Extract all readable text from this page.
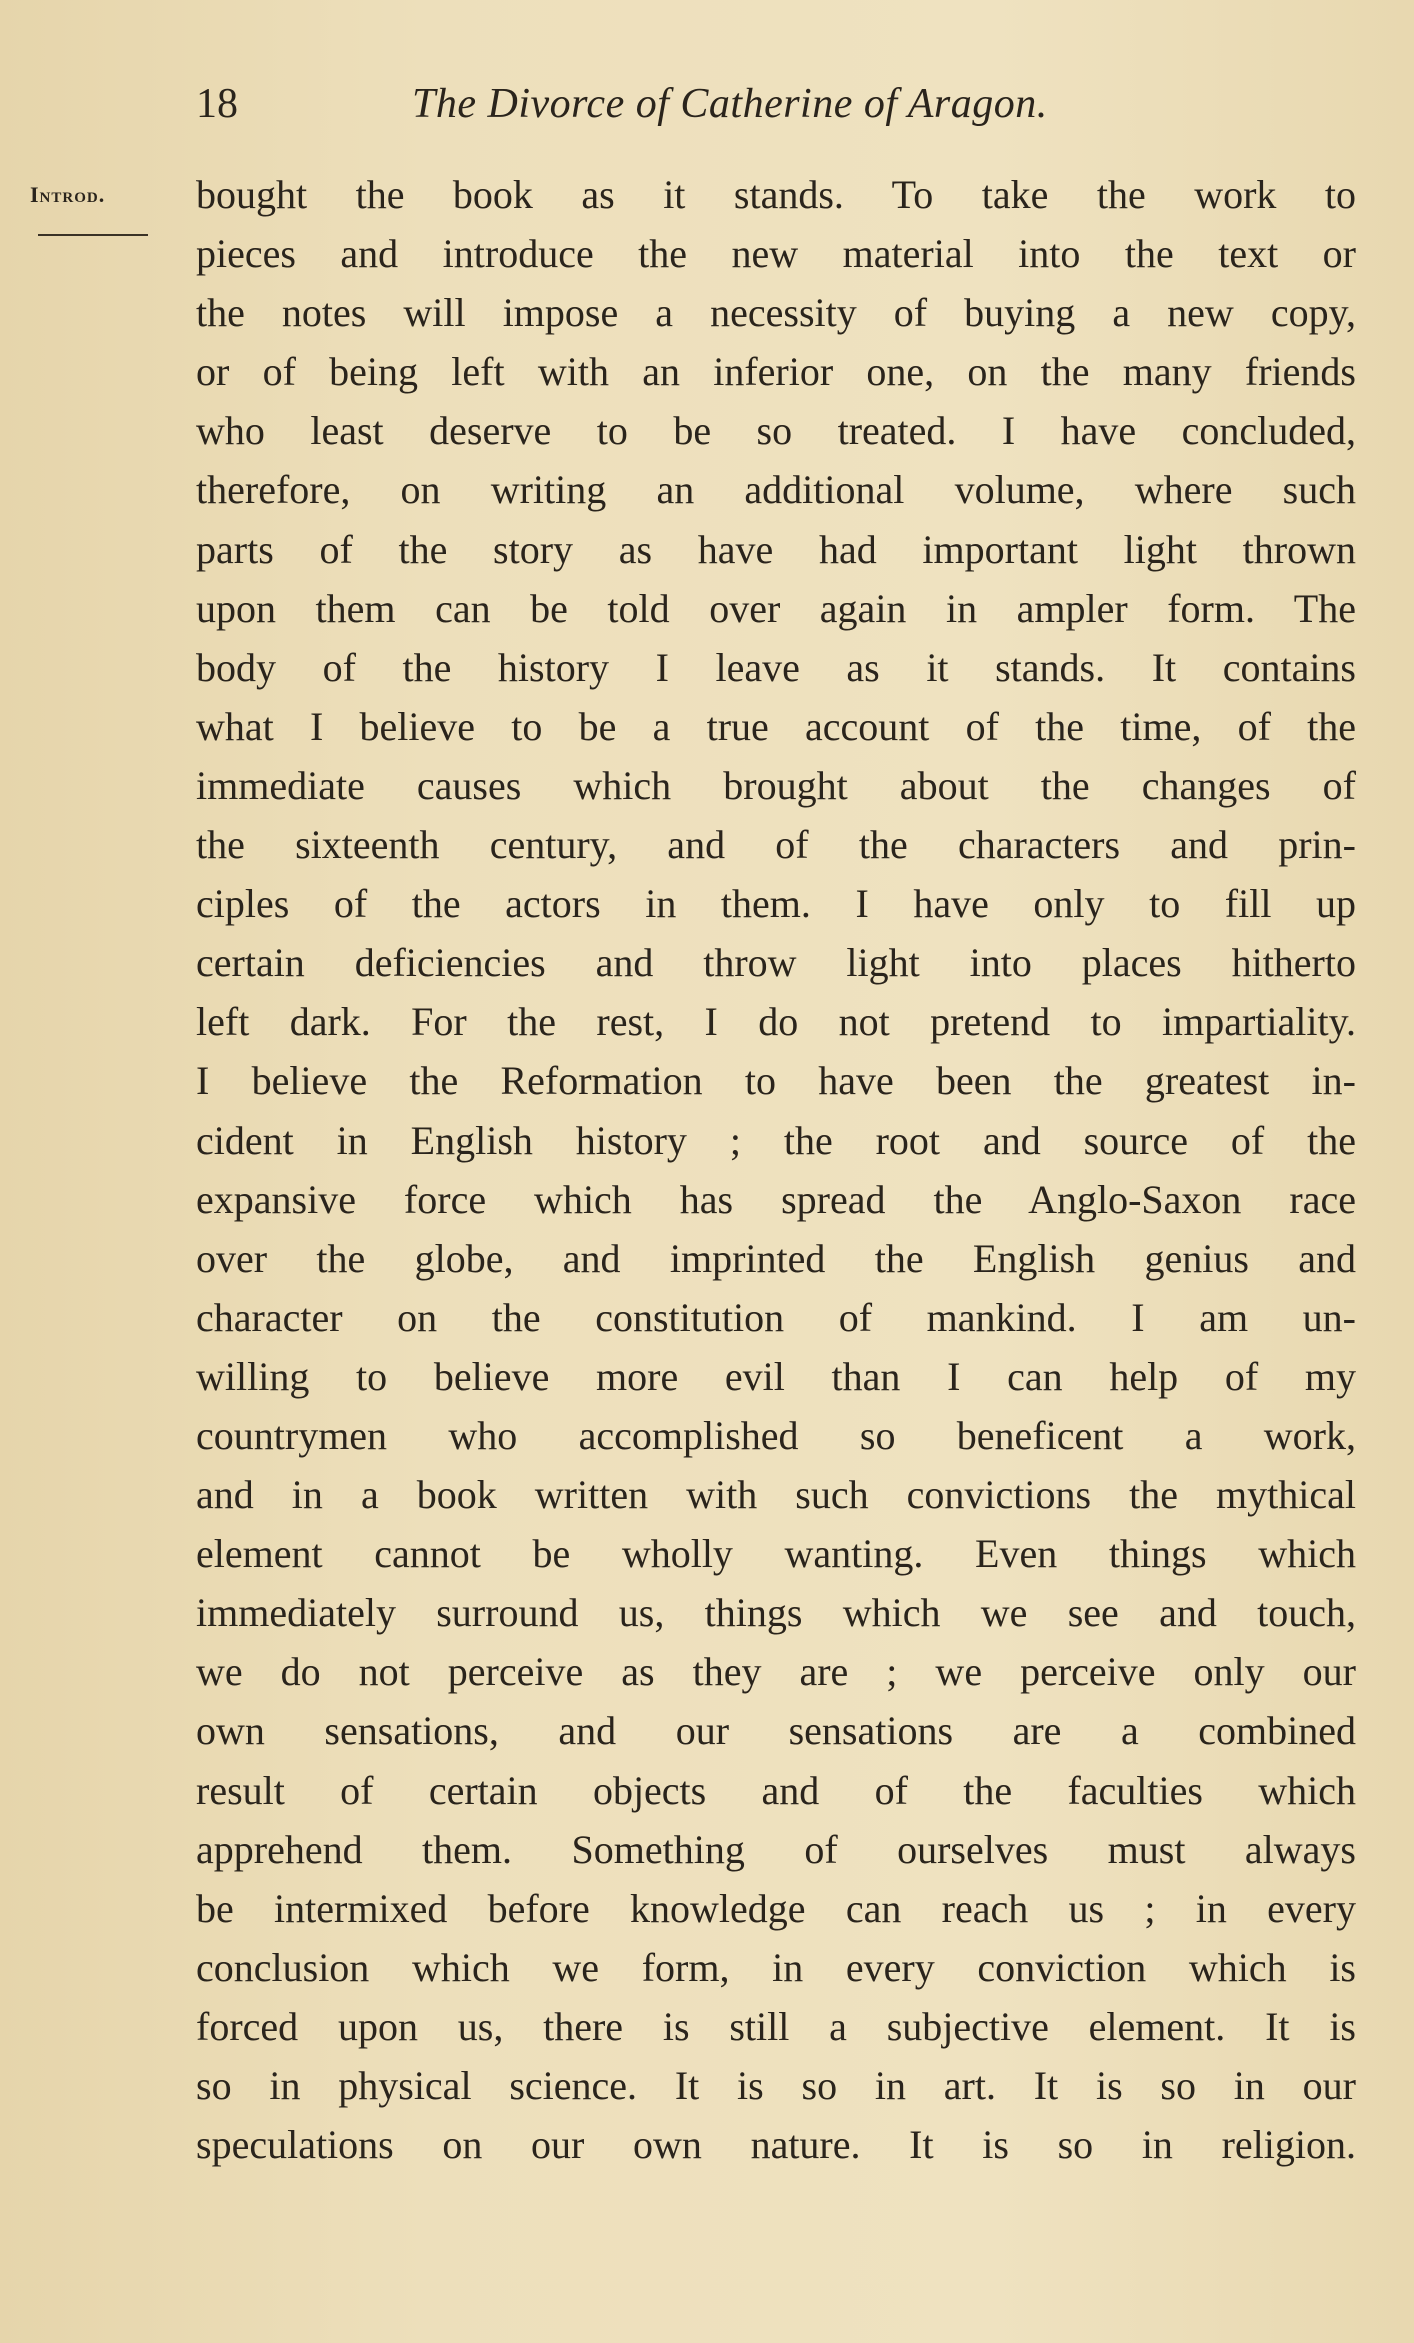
18	The Divorce of Catherine of Aragon.
Introd.	bought the book as it stands. To take the work to
pieces and introduce the new material into the text or
the notes will impose a necessity of buying a new copy,
or of being left with an inferior one, on the many friends
who least deserve to be so treated. I have concluded,
therefore, on writing an additional volume, where such
parts of the story as have had important light thrown
upon them can be told over again in ampler form. The
body of the history I leave as it stands. It contains
what I believe to be a true account of the time, of the
immediate causes which brought about the changes of
the sixteenth century, and of the characters and prin-
ciples of the actors in them. I have only to fill up
certain deficiencies and throw light into places hitherto
left dark. For the rest, I do not pretend to impartiality.
I believe the Reformation to have been the greatest in-
cident in English history ; the root and source of the
expansive force which has spread the Anglo-Saxon race
over the globe, and imprinted the English genius and
character on the constitution of mankind. I am un-
willing to believe more evil than I can help of my
countrymen who accomplished so beneficent a work,
and in a book written with such convictions the mythical
element cannot be wholly wanting. Even things which
immediately surround us, things which we see and touch,
we do not perceive as they are ; we perceive only our
own sensations, and our sensations are a combined
result of certain objects and of the faculties which
apprehend them. Something of ourselves must always
be intermixed before knowledge can reach us ; in every
conclusion which we form, in every conviction which is
forced upon us, there is still a subjective element. It is
so in physical science. It is so in art. It is so in our
speculations on our own nature. It is so in religion.
